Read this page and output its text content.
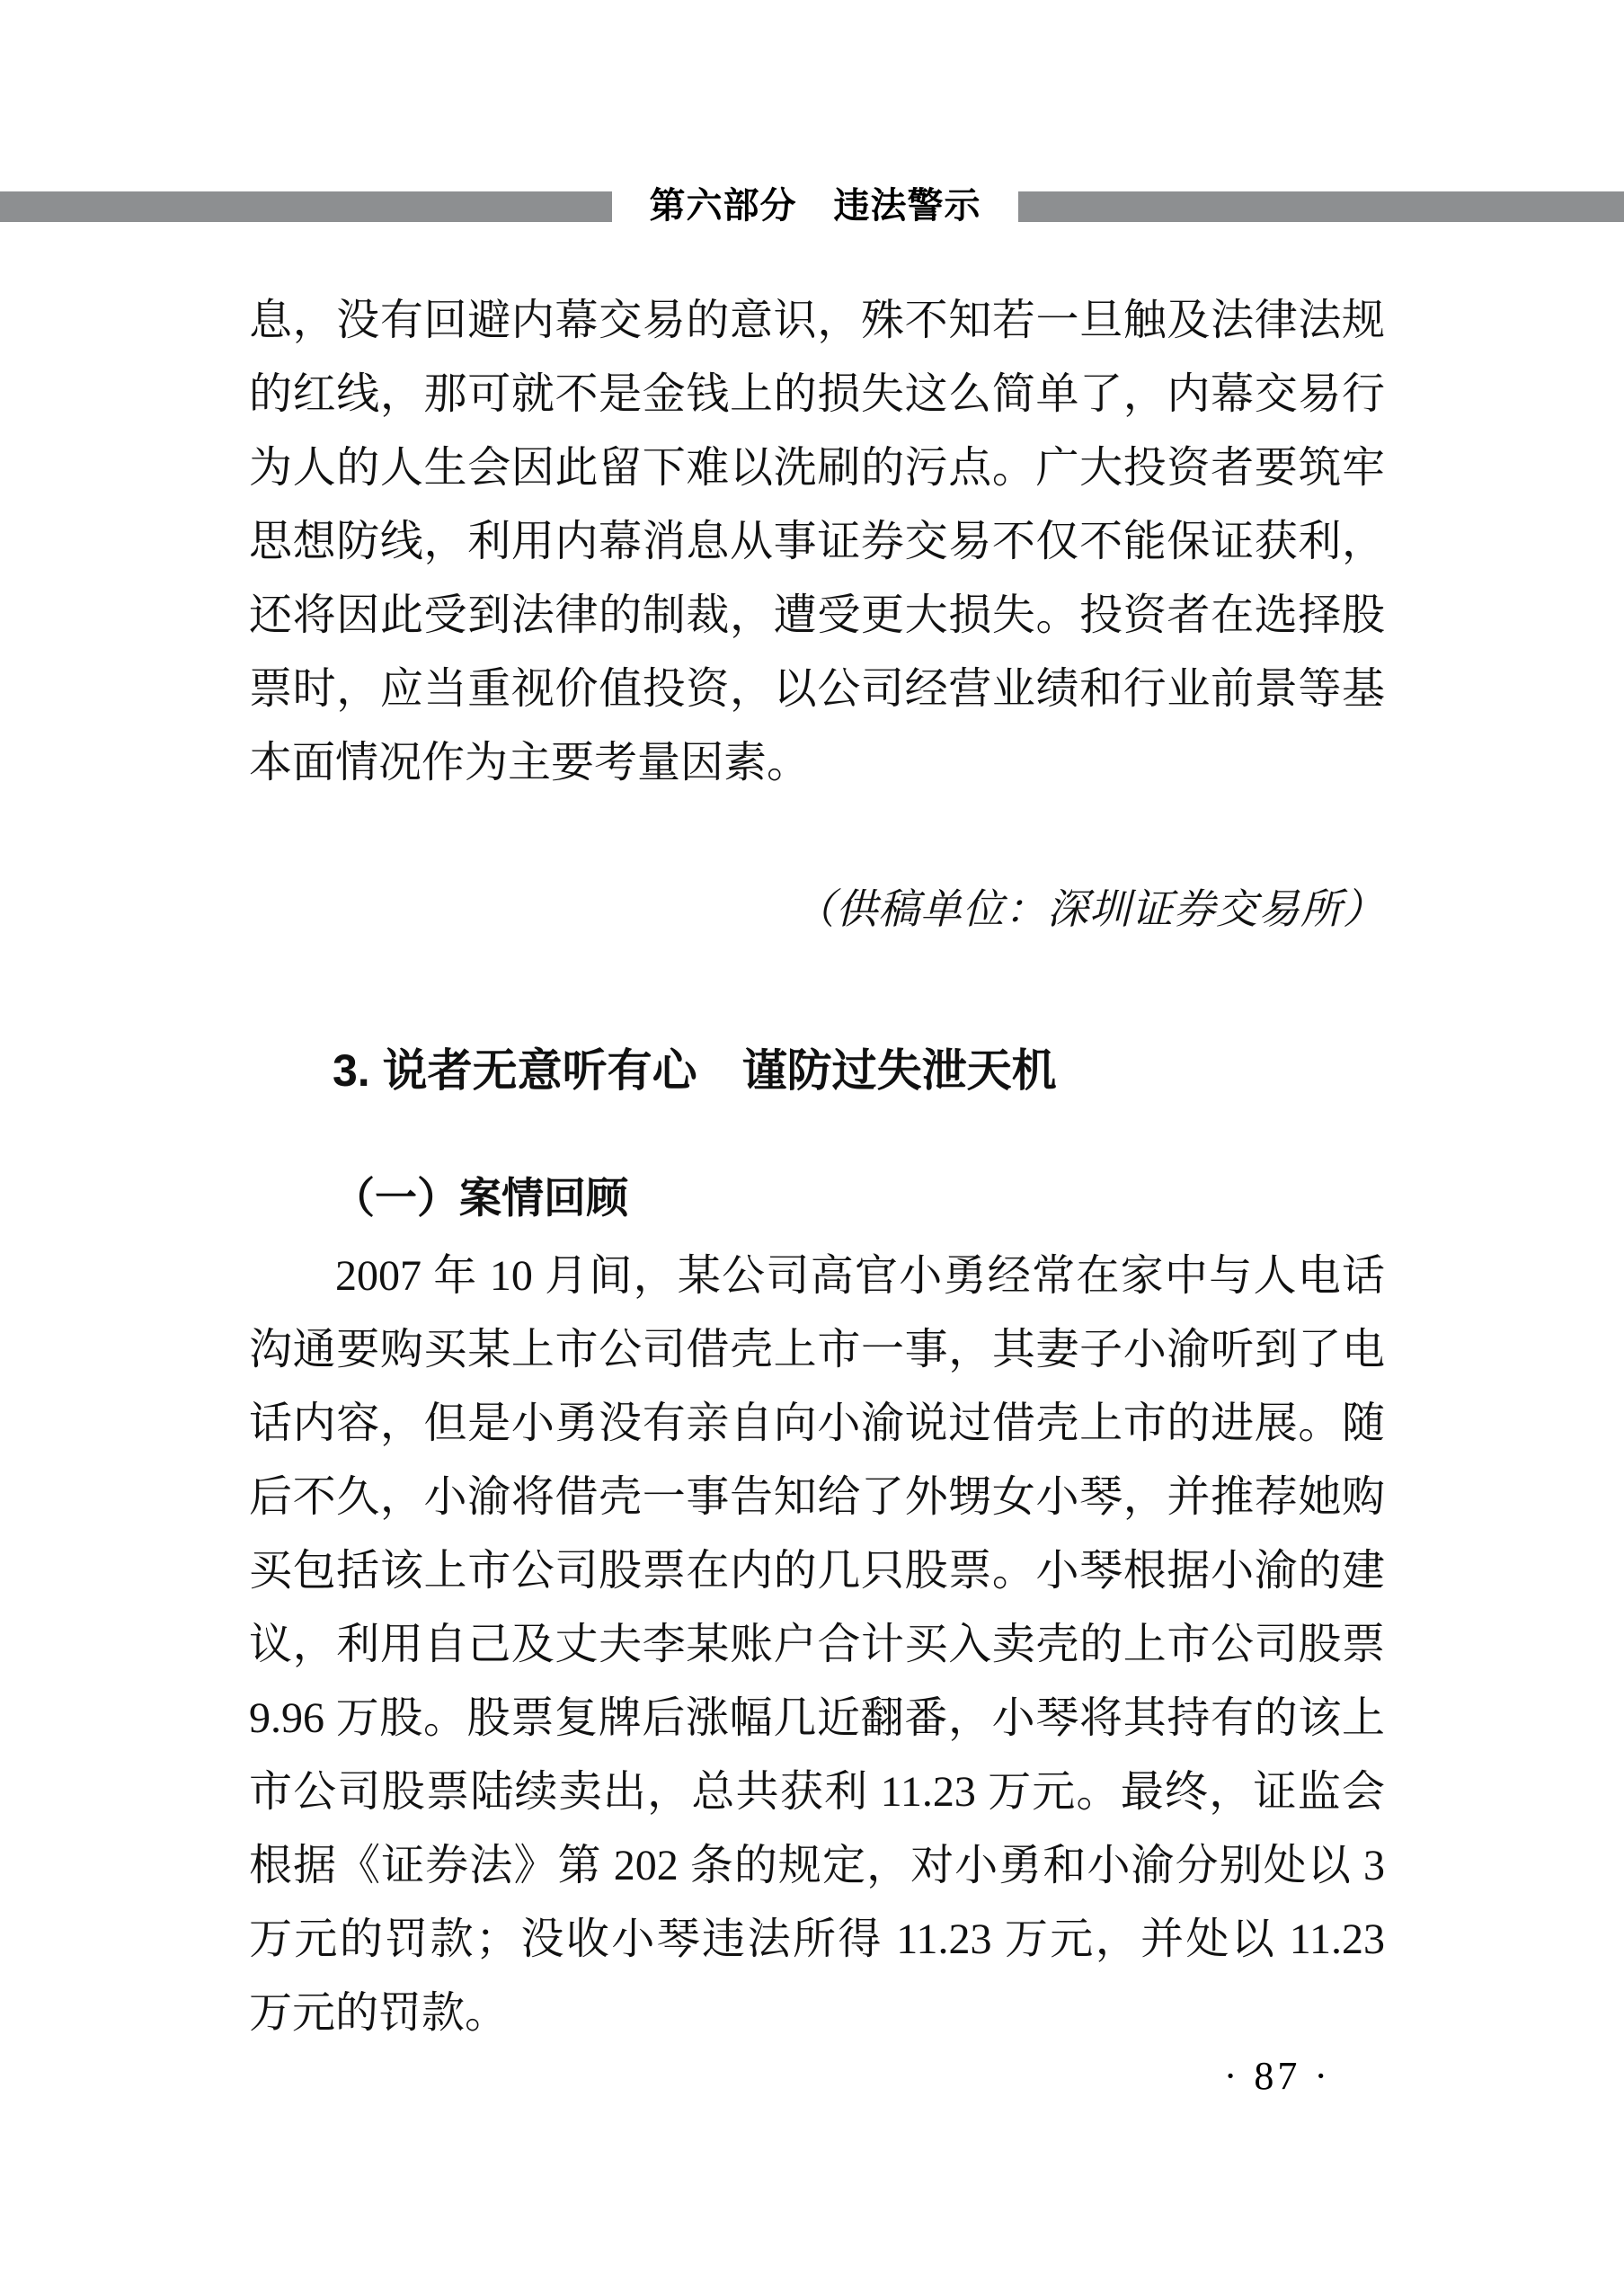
第六部分　违法警示
息，没有回避内幕交易的意识，殊不知若一旦触及法律法规的红线，那可就不是金钱上的损失这么简单了，内幕交易行为人的人生会因此留下难以洗刷的污点。广大投资者要筑牢思想防线，利用内幕消息从事证券交易不仅不能保证获利，还将因此受到法律的制裁，遭受更大损失。投资者在选择股票时，应当重视价值投资，以公司经营业绩和行业前景等基本面情况作为主要考量因素。
（供稿单位：深圳证券交易所）
3. 说者无意听有心　谨防过失泄天机
（一）案情回顾

2007 年 10 月间，某公司高官小勇经常在家中与人电话沟通要购买某上市公司借壳上市一事，其妻子小渝听到了电话内容，但是小勇没有亲自向小渝说过借壳上市的进展。随后不久，小渝将借壳一事告知给了外甥女小琴，并推荐她购买包括该上市公司股票在内的几只股票。小琴根据小渝的建议，利用自己及丈夫李某账户合计买入卖壳的上市公司股票 9.96 万股。股票复牌后涨幅几近翻番，小琴将其持有的该上市公司股票陆续卖出，总共获利 11.23 万元。最终，证监会根据《证券法》第 202 条的规定，对小勇和小渝分别处以 3 万元的罚款；没收小琴违法所得 11.23 万元，并处以 11.23 万元的罚款。

· 87 ·
